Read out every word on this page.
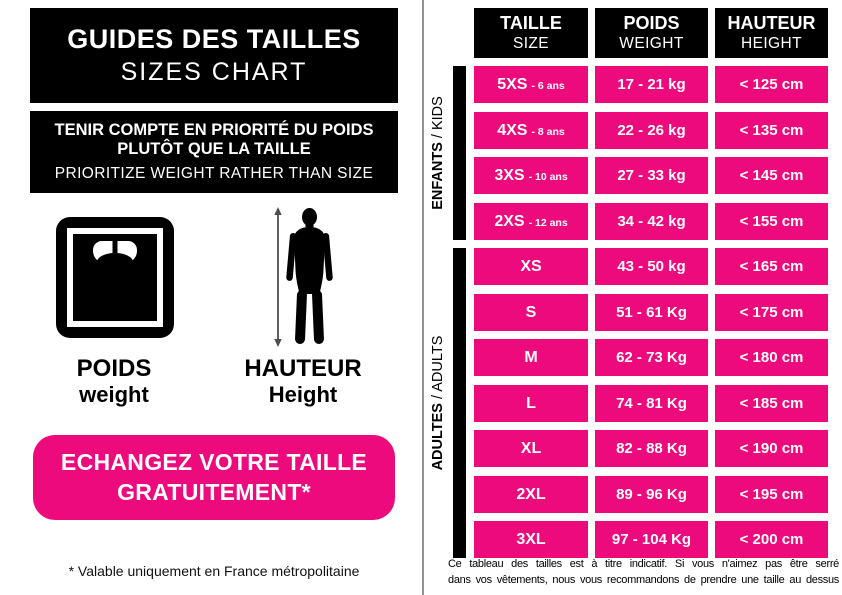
GUIDES DES TAILLES
SIZES CHART
TENIR COMPTE EN PRIORITÉ DU POIDS
PLUTÔT QUE LA TAILLE
PRIORITIZE WEIGHT RATHER THAN SIZE
POIDS
weight
HAUTEUR
Height
ECHANGEZ VOTRE TAILLE
GRATUITEMENT*
* Valable uniquement en France métropolitaine
TAILLE
SIZE
POIDS
WEIGHT
HAUTEUR
HEIGHT
5XS - 6 ans	17 - 21 kg	< 125 cm
4XS - 8 ans	22 - 26 kg	< 135 cm
3XS - 10 ans	27 - 33 kg	< 145 cm
2XS - 12 ans	34 - 42 kg	< 155 cm
XS	43 - 50 kg	< 165 cm
S	51 - 61 Kg	< 175 cm
M	62 - 73 Kg	< 180 cm
L	74 - 81 Kg	< 185 cm
XL	82 - 88 Kg	< 190 cm
2XL	89 - 96 Kg	< 195 cm
3XL	97 - 104 Kg	< 200 cm
ENFANTS / KIDS
ADULTES / ADULTS
Ce tableau des tailles est à titre indicatif. Si vous n'aimez pas être serré
dans vos vêtements, nous vous recommandons de prendre une taille au dessus
